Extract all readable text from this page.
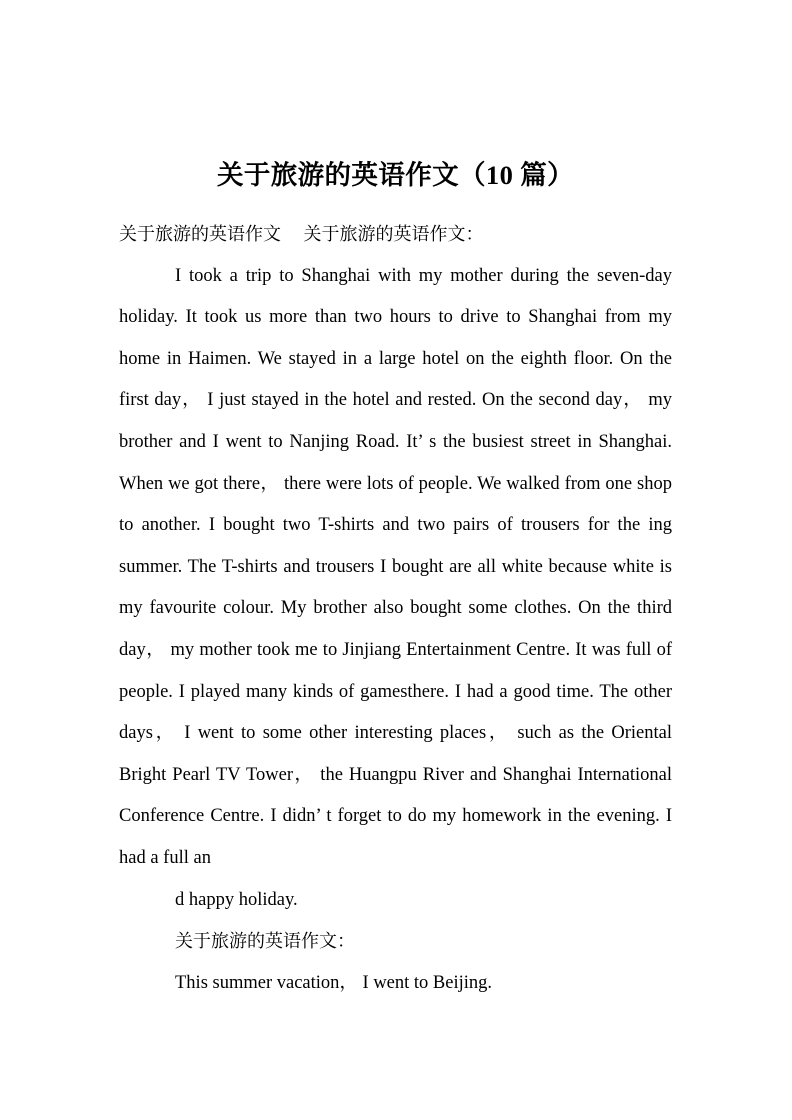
关于旅游的英语作文（10 篇）

关于旅游的英语作文     关于旅游的英语作文：

I took a trip to Shanghai with my mother during the seven-day holiday. It took us more than two hours to drive to Shanghai from my home in Haimen. We stayed in a large hotel on the eighth floor. On the first day， I just stayed in the hotel and rested. On the second day， my brother and I went to Nanjing Road. It’ s the busiest street in Shanghai. When we got there， there were lots of people. We walked from one shop to another. I bought two T-shirts and two pairs of trousers for the ing summer. The T-shirts and trousers I bought are all white because white is my favourite colour. My brother also bought some clothes. On the third day， my mother took me to Jinjiang Entertainment Centre. It was full of people. I played many kinds of gamesthere. I had a good time. The other days， I went to some other interesting places， such as the Oriental Bright Pearl TV Tower， the Huangpu River and Shanghai International Conference Centre. I didn’ t forget to do my homework in the evening. I had a full an

d happy holiday.

关于旅游的英语作文：

This summer vacation， I went to Beijing.
